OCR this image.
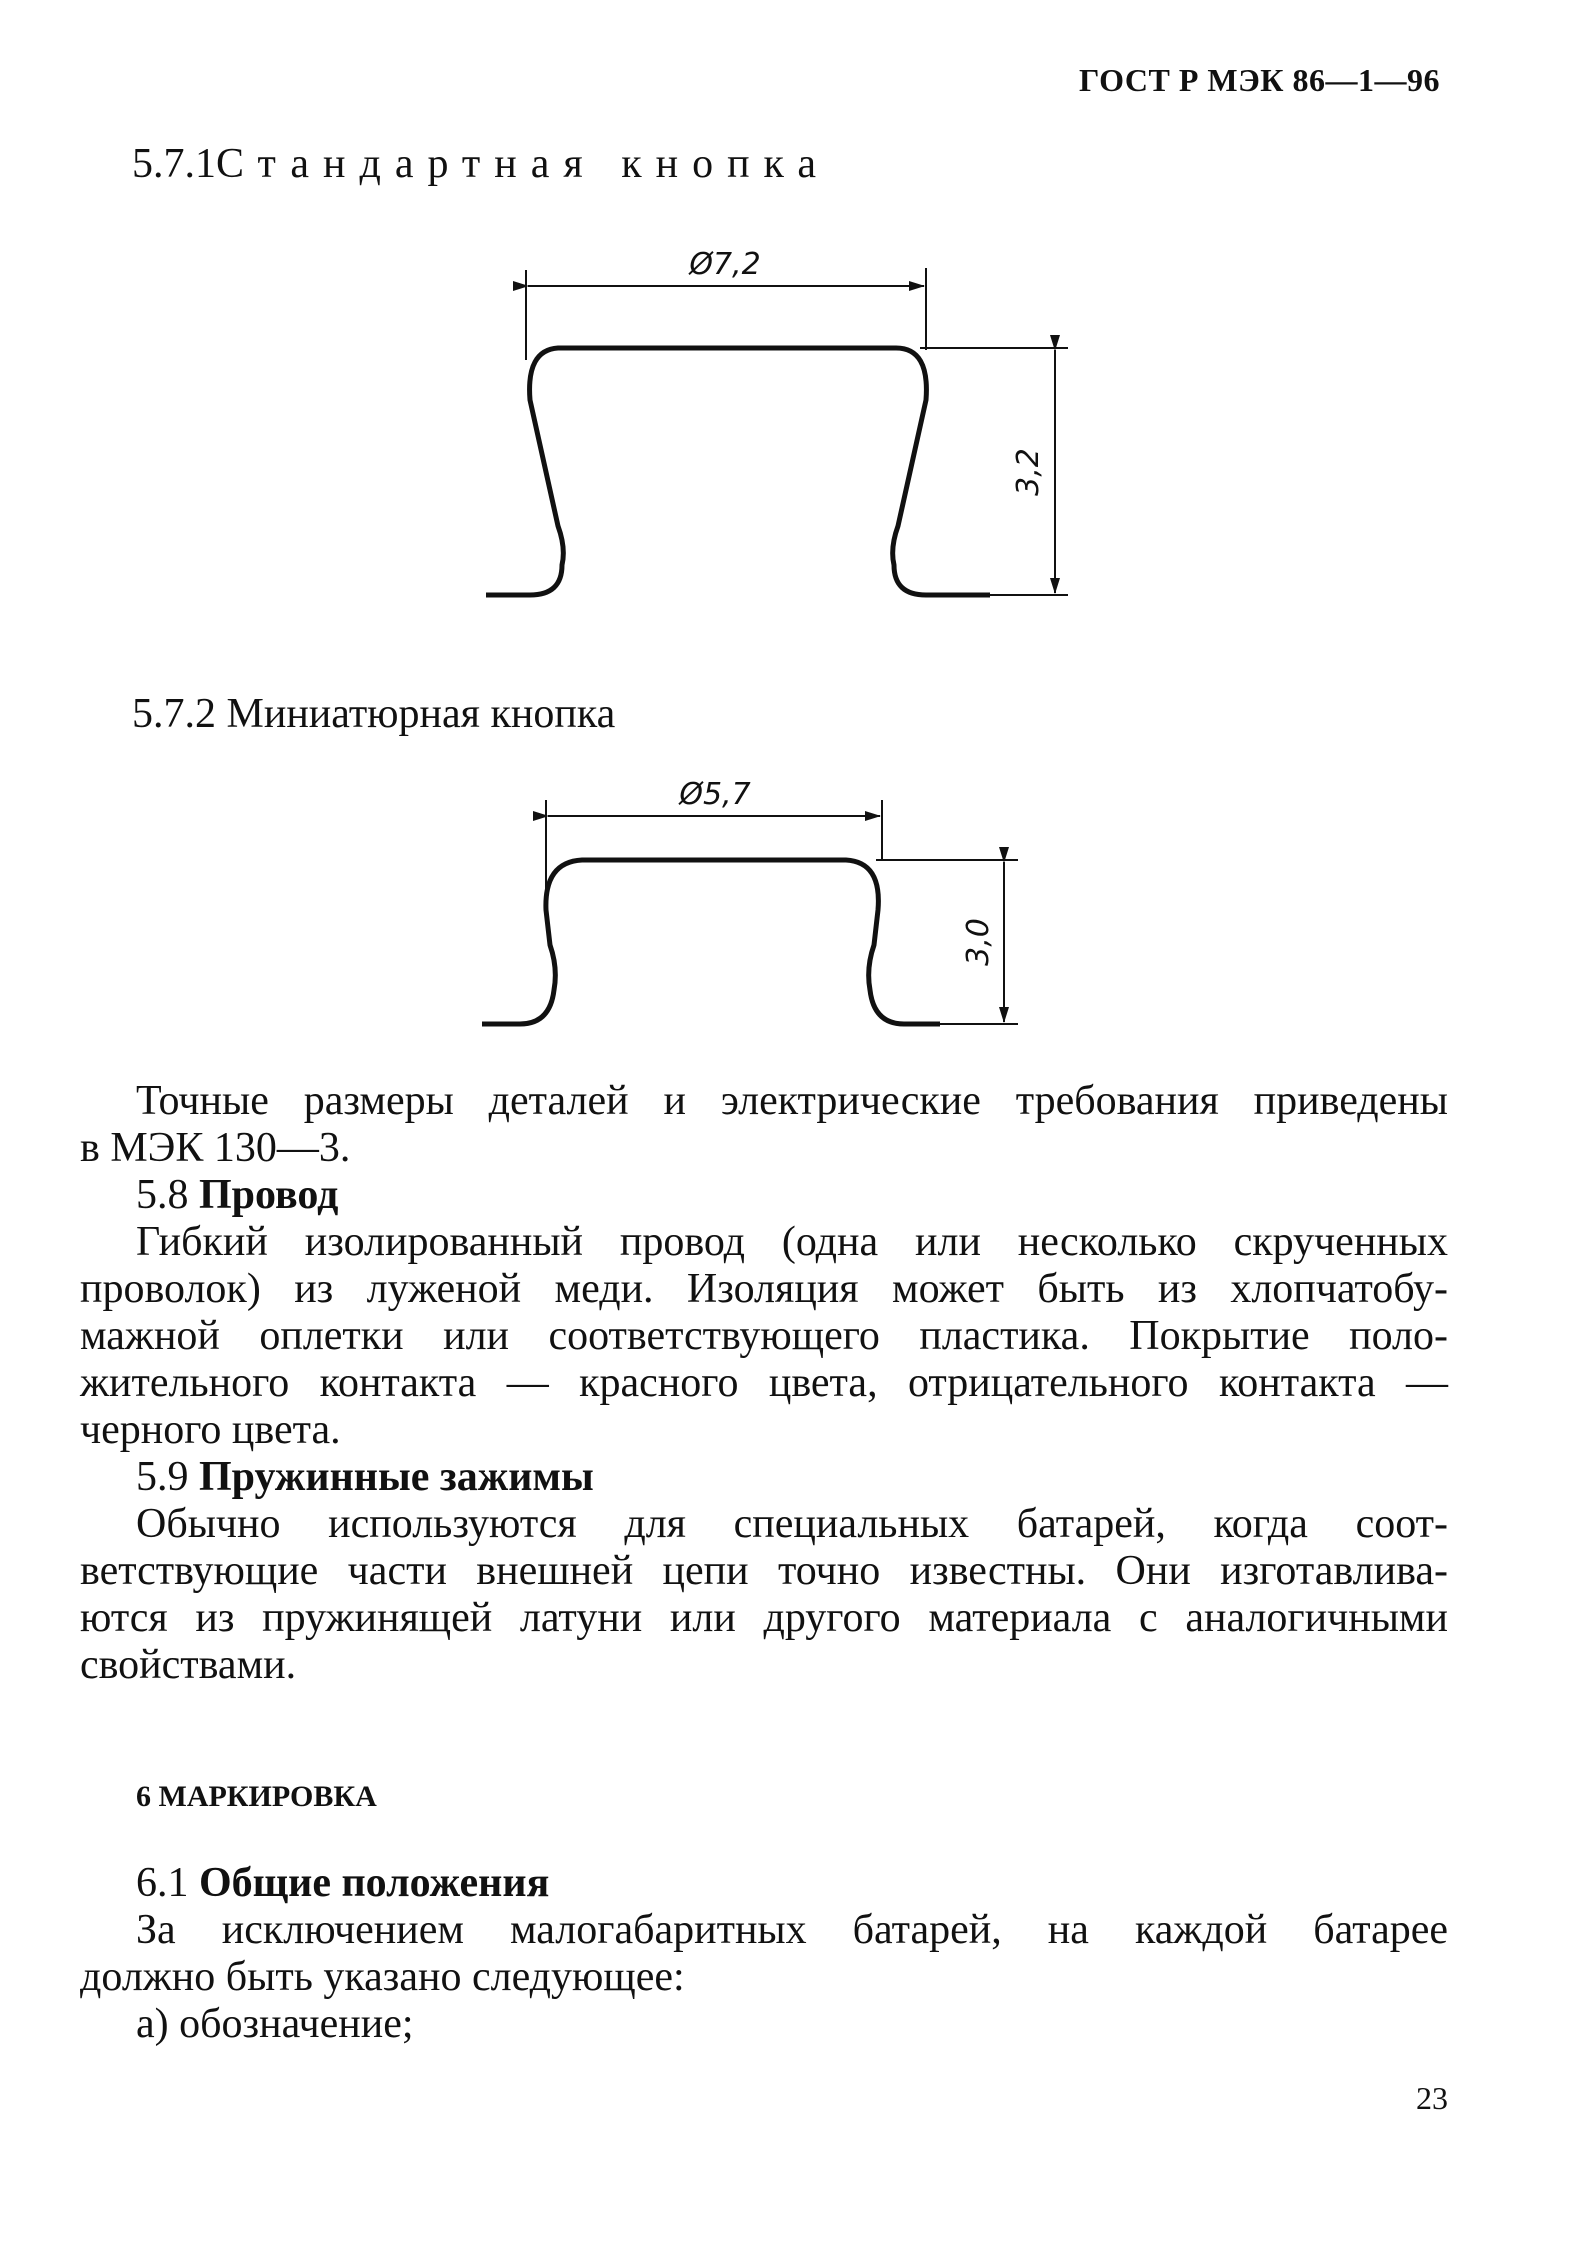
ГОСТ Р МЭК 86—1—96
5.7.1Стандартная кнопка
Ø7,2
3,2
5.7.2 Миниатюрная кнопка
Ø5,7
3,0
Точные размеры деталей и электрические требования приведены
в МЭК 130—3.
5.8 Провод
Гибкий изолированный провод (одна или несколько скрученных
проволок) из луженой меди. Изоляция может быть из хлопчатобу-
мажной оплетки или соответствующего пластика. Покрытие поло-
жительного контакта — красного цвета, отрицательного контакта —
черного цвета.
5.9 Пружинные зажимы
Обычно используются для специальных батарей, когда соот-
ветствующие части внешней цепи точно известны. Они изготавлива-
ются из пружинящей латуни или другого материала с аналогичными
свойствами.
6 МАРКИРОВКА
6.1 Общие положения
За исключением малогабаритных батарей, на каждой батарее
должно быть указано следующее:
а) обозначение;
23
